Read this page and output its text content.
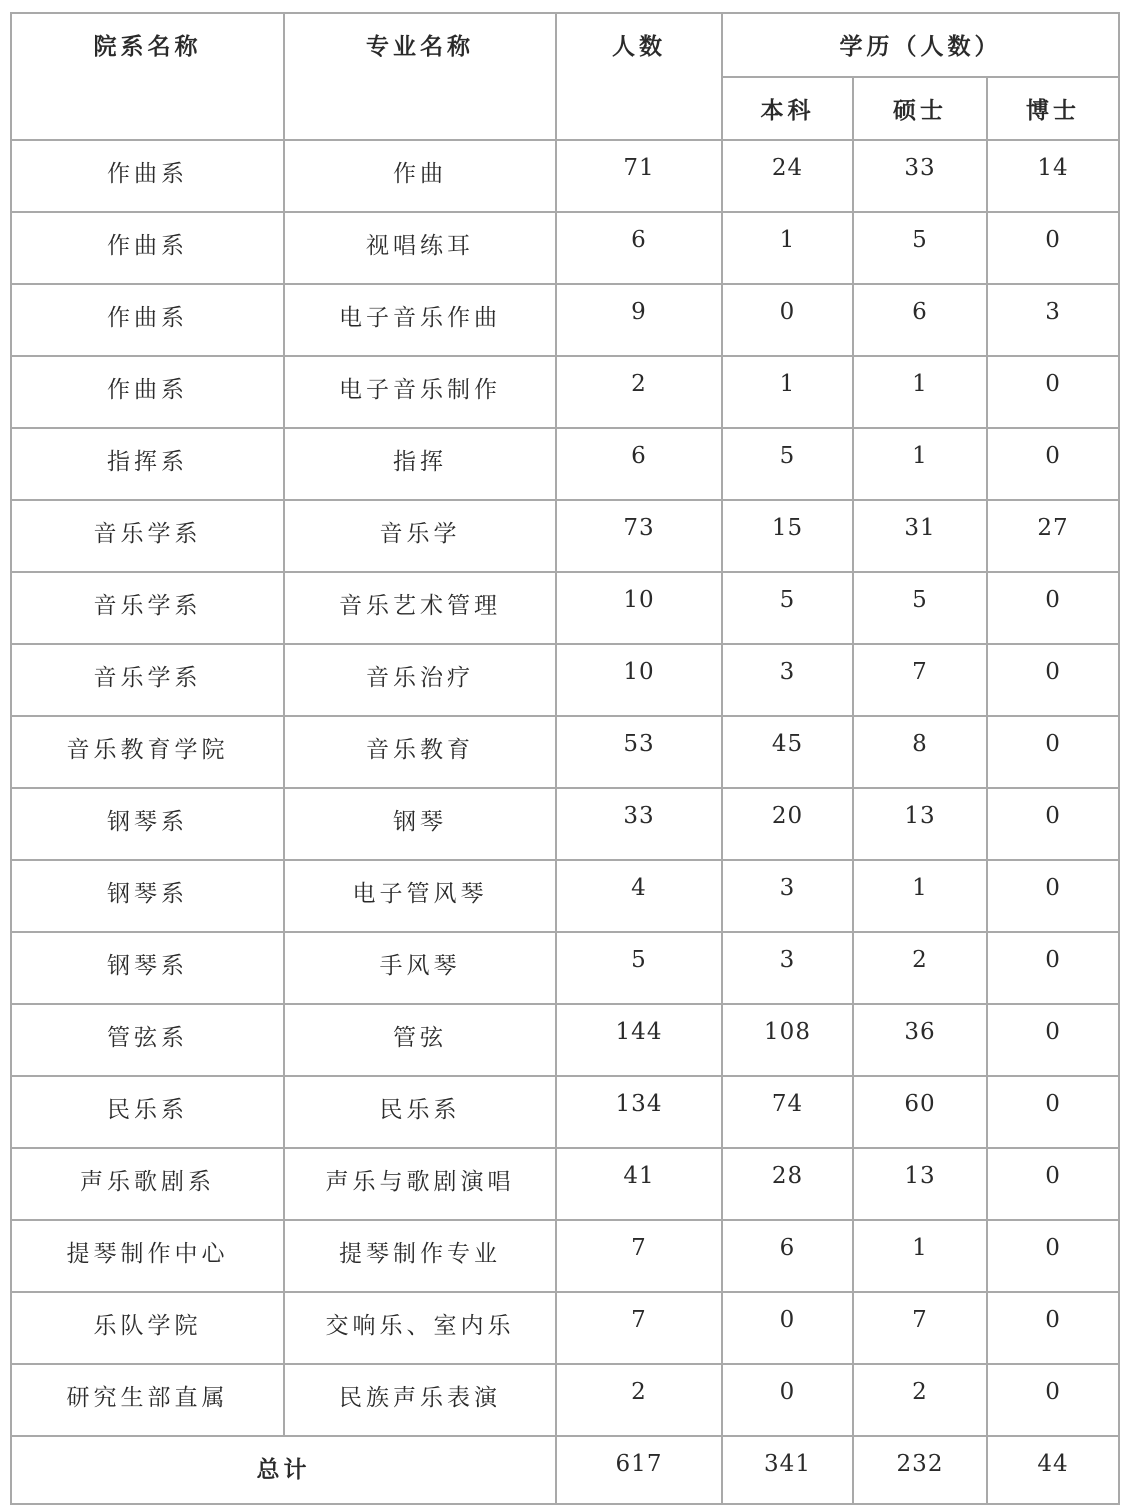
院系名称	专业名称	人数	学历（人数）		
			本科	硕士	博士
作曲系	作曲	71	24	33	14
作曲系	视唱练耳	6	1	5	0
作曲系	电子音乐作曲	9	0	6	3
作曲系	电子音乐制作	2	1	1	0
指挥系	指挥	6	5	1	0
音乐学系	音乐学	73	15	31	27
音乐学系	音乐艺术管理	10	5	5	0
音乐学系	音乐治疗	10	3	7	0
音乐教育学院	音乐教育	53	45	8	0
钢琴系	钢琴	33	20	13	0
钢琴系	电子管风琴	4	3	1	0
钢琴系	手风琴	5	3	2	0
管弦系	管弦	144	108	36	0
民乐系	民乐系	134	74	60	0
声乐歌剧系	声乐与歌剧演唱	41	28	13	0
提琴制作中心	提琴制作专业	7	6	1	0
乐队学院	交响乐、室内乐	7	0	7	0
研究生部直属	民族声乐表演	2	0	2	0
总计		617	341	232	44
